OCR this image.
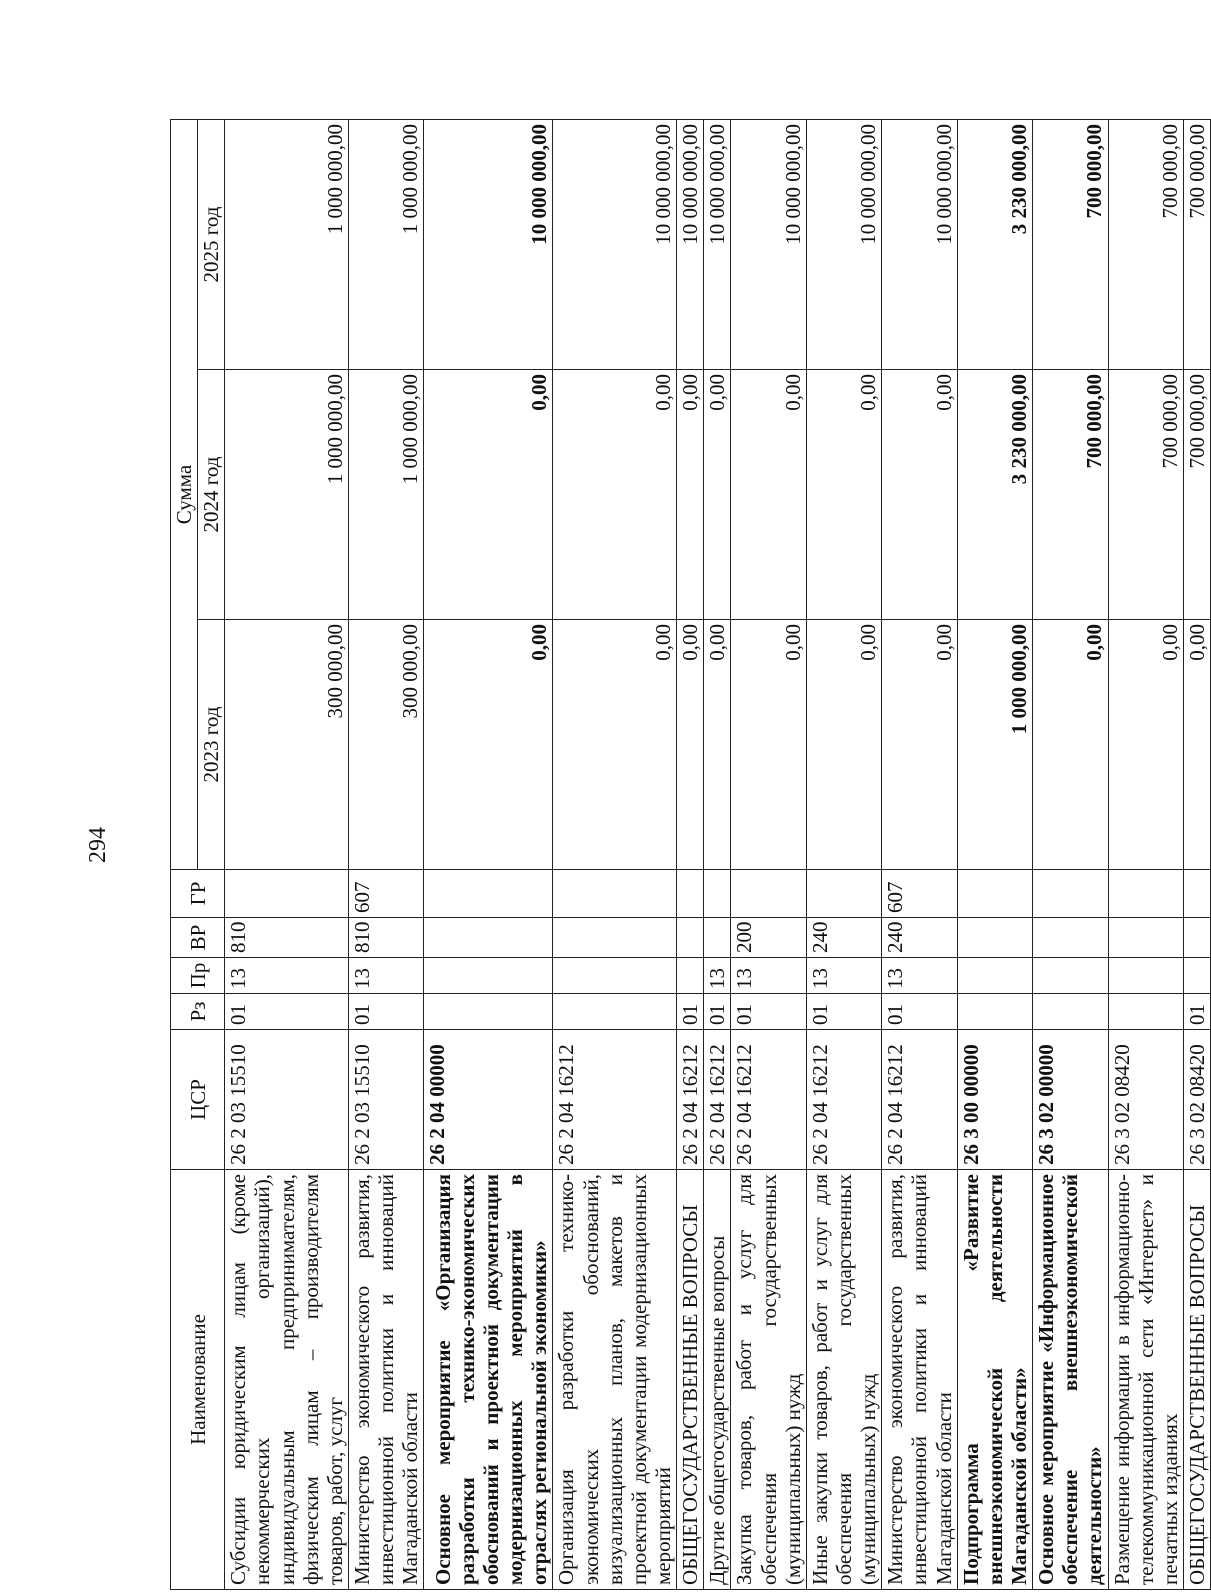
294
Наименование	ЦСР	Рз	Пр	ВР	ГР	Сумма		
						2023 год	2024 год	2025 год
Субсидии юридическим лицам (кроме некоммерческих организаций), индивидуальным предпринимателям, физическим лицам – производителям товаров, работ, услуг	26 2 03 15510	01	13	810		300 000,00	1 000 000,00	1 000 000,00
Министерство экономического развития, инвестиционной политики и инноваций Магаданской области	26 2 03 15510	01	13	810	607	300 000,00	1 000 000,00	1 000 000,00
Основное мероприятие «Организация разработки технико-экономических обоснований и проектной документации модернизационных мероприятий в отраслях региональной экономики»	26 2 04 00000					0,00	0,00	10 000 000,00
Организация разработки технико-экономических обоснований, визуализационных планов, макетов и проектной документации модернизационных мероприятий	26 2 04 16212					0,00	0,00	10 000 000,00
ОБЩЕГОСУДАРСТВЕННЫЕ ВОПРОСЫ	26 2 04 16212	01				0,00	0,00	10 000 000,00
Другие общегосударственные вопросы	26 2 04 16212	01	13			0,00	0,00	10 000 000,00
Закупка товаров, работ и услуг для обеспечения государственных (муниципальных) нужд	26 2 04 16212	01	13	200		0,00	0,00	10 000 000,00
Иные закупки товаров, работ и услуг для обеспечения государственных (муниципальных) нужд	26 2 04 16212	01	13	240		0,00	0,00	10 000 000,00
Министерство экономического развития, инвестиционной политики и инноваций Магаданской области	26 2 04 16212	01	13	240	607	0,00	0,00	10 000 000,00
Подпрограмма «Развитие внешнеэкономической деятельности Магаданской области»	26 3 00 00000					1 000 000,00	3 230 000,00	3 230 000,00
Основное мероприятие «Информационное обеспечение внешнеэкономической деятельности»	26 3 02 00000					0,00	700 000,00	700 000,00
Размещение информации в информационно-телекоммуникационной сети «Интернет» и печатных изданиях	26 3 02 08420					0,00	700 000,00	700 000,00
ОБЩЕГОСУДАРСТВЕННЫЕ ВОПРОСЫ	26 3 02 08420	01				0,00	700 000,00	700 000,00
